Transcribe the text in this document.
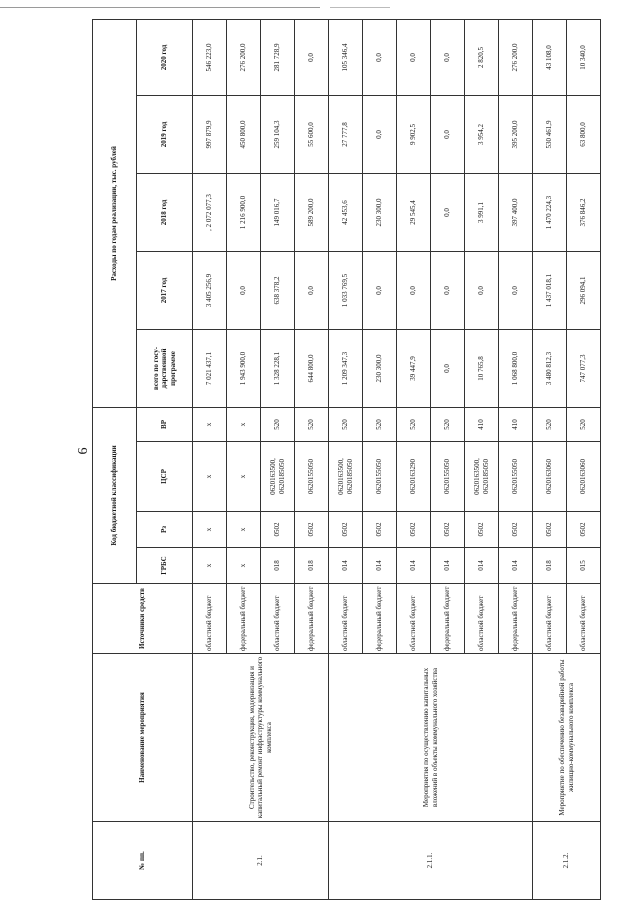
6
№ пп.	Наименование мероприятия	Источники средств	Код бюджетной классификации				Расходы по годам реализации, тыс. рублей				
			ГРБС	Рз	ЦСР	ВР	всего по госу-дарственной программе	2017 год	2018 год	2019 год	2020 год
2.1.	Строительство, реконструкция, модернизация и капитальный ремонт инфраструктуры коммунального комплекса	областной бюджет	х	х	х	х	7 021 437,1	3 405 256,9	, 2 072 077,3	997 879,9	546 223,0
		федеральный бюджет	х	х	х	х	1 943 900,0	0,0	1 216 900,0	450 800,0	276 200,0
		областной бюджет	018	0502	0620163500, 0620185050	520	1 328 228,1	638 378,2	149 016,7	259 104,3	281 728,9
		федеральный бюджет	018	0502	0620155050	520	644 800,0	0,0	589 200,0	55 600,0	0,0
2.1.1.	Мероприятия по осуществлению капитальных вложений в объекты коммунального хозяйства	областной бюджет	014	0502	0620163500, 0620185050	520	1 209 347,3	1 033 769,5	42 453,6	27 777,8	105 346,4
		федеральный бюджет	014	0502	0620155050	520	230 300,0	0,0	230 300,0	0,0	0,0
		областной бюджет	014	0502	0620163290	520	39 447,9	0,0	29 545,4	9 902,5	0,0
		федеральный бюджет	014	0502	0620155050	520	0,0	0,0	0,0	0,0	0,0
		областной бюджет	014	0502	0620163500, 0620185050	410	10 765,8	0,0	3 991,1	3 954,2	2 820,5
		федеральный бюджет	014	0502	0620155050	410	1 068 800,0	0,0	397 400,0	395 200,0	276 200,0
2.1.2.	Мероприятие по обеспечению безаварийной работы жилищно-коммунального комплекса	областной бюджет	018	0502	0620163060	520	3 480 812,3	1 437 018,1	1 470 224,3	530 461,9	43 108,0
		областной бюджет	015	0502	0620163060	520	747 077,3	296 094,1	376 846,2	63 800,0	10 340,0
